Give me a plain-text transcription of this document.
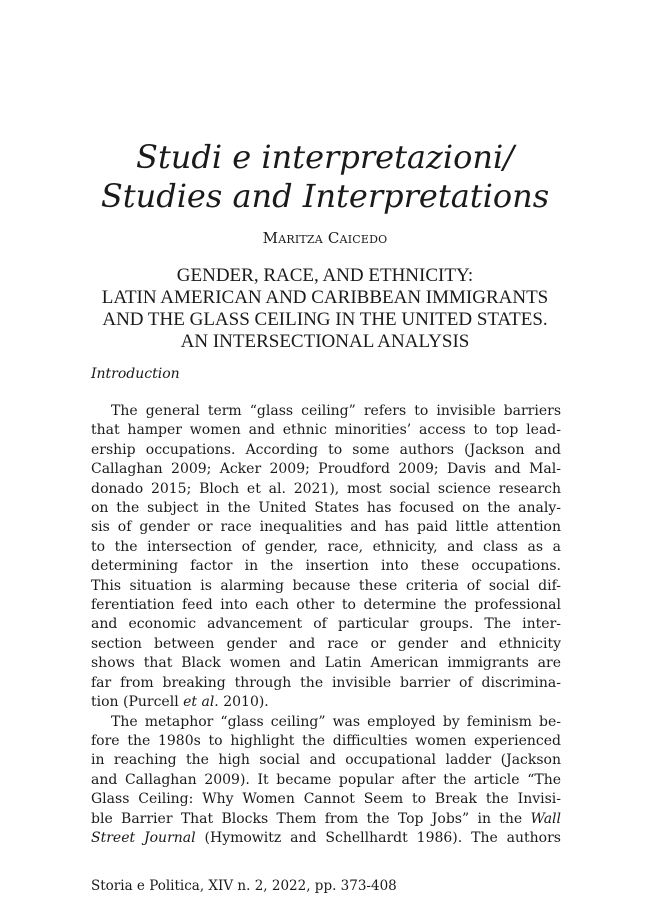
Studi e interpretazioni/
Studies and Interpretations
Maritza Caicedo
GENDER, RACE, AND ETHNICITY:
LATIN AMERICAN AND CARIBBEAN IMMIGRANTS
AND THE GLASS CEILING IN THE UNITED STATES.
AN INTERSECTIONAL ANALYSIS
Introduction

The general term “glass ceiling” refers to invisible barriers
that hamper women and ethnic minorities’ access to top lead-
ership occupations. According to some authors (Jackson and
Callaghan 2009; Acker 2009; Proudford 2009; Davis and Mal-
donado 2015; Bloch et al. 2021), most social science research
on the subject in the United States has focused on the analy-
sis of gender or race inequalities and has paid little attention
to the intersection of gender, race, ethnicity, and class as a
determining factor in the insertion into these occupations.
This situation is alarming because these criteria of social dif-
ferentiation feed into each other to determine the professional
and economic advancement of particular groups. The inter-
section between gender and race or gender and ethnicity
shows that Black women and Latin American immigrants are
far from breaking through the invisible barrier of discrimina-
tion (Purcell et al. 2010).

The metaphor “glass ceiling” was employed by feminism be-
fore the 1980s to highlight the difficulties women experienced
in reaching the high social and occupational ladder (Jackson
and Callaghan 2009). It became popular after the article “The
Glass Ceiling: Why Women Cannot Seem to Break the Invisi-
ble Barrier That Blocks Them from the Top Jobs” in the Wall
Street Journal (Hymowitz and Schellhardt 1986). The authors

Storia e Politica, XIV n. 2, 2022, pp. 373-408
